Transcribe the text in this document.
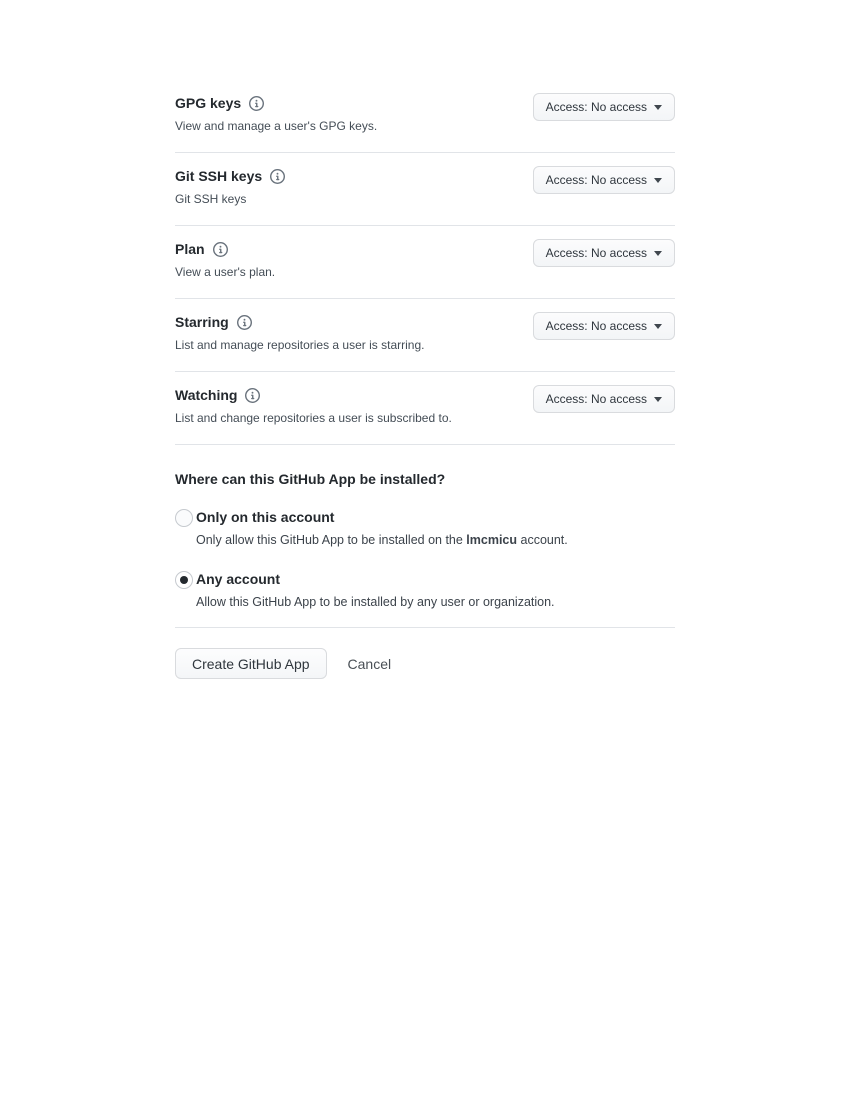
GPG keys
View and manage a user's GPG keys.
Access: No access
Git SSH keys
Git SSH keys
Access: No access
Plan
View a user's plan.
Access: No access
Starring
List and manage repositories a user is starring.
Access: No access
Watching
List and change repositories a user is subscribed to.
Access: No access
Where can this GitHub App be installed?
Only on this account
Only allow this GitHub App to be installed on the lmcmicu account.
Any account
Allow this GitHub App to be installed by any user or organization.
Create GitHub App	Cancel
